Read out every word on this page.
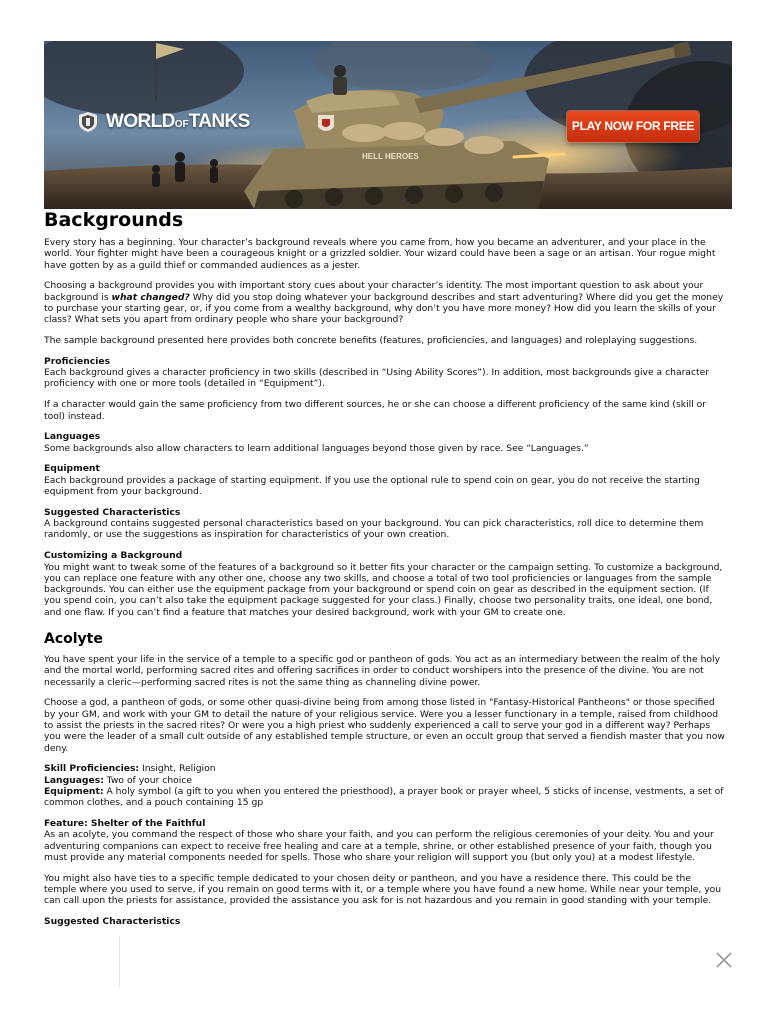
HELL HEROES
WORLDOFTANKS	PLAY NOW FOR FREE
Backgrounds

Every story has a beginning. Your character’s background reveals where you came from, how you became an adventurer, and your place in the world. Your fighter might have been a courageous knight or a grizzled soldier. Your wizard could have been a sage or an artisan. Your rogue might have gotten by as a guild thief or commanded audiences as a jester.

Choosing a background provides you with important story cues about your character’s identity. The most important question to ask about your background is what changed? Why did you stop doing whatever your background describes and start adventuring? Where did you get the money to purchase your starting gear, or, if you come from a wealthy background, why don’t you have more money? How did you learn the skills of your class? What sets you apart from ordinary people who share your background?

The sample background presented here provides both concrete benefits (features, proficiencies, and languages) and roleplaying suggestions.

Proficiencies
Each background gives a character proficiency in two skills (described in “Using Ability Scores”). In addition, most backgrounds give a character proficiency with one or more tools (detailed in “Equipment”).

If a character would gain the same proficiency from two different sources, he or she can choose a different proficiency of the same kind (skill or tool) instead.

Languages
Some backgrounds also allow characters to learn additional languages beyond those given by race. See “Languages.”

Equipment
Each background provides a package of starting equipment. If you use the optional rule to spend coin on gear, you do not receive the starting equipment from your background.

Suggested Characteristics
A background contains suggested personal characteristics based on your background. You can pick characteristics, roll dice to determine them randomly, or use the suggestions as inspiration for characteristics of your own creation.

Customizing a Background
You might want to tweak some of the features of a background so it better fits your character or the campaign setting. To customize a background, you can replace one feature with any other one, choose any two skills, and choose a total of two tool proficiencies or languages from the sample backgrounds. You can either use the equipment package from your background or spend coin on gear as described in the equipment section. (If you spend coin, you can’t also take the equipment package suggested for your class.) Finally, choose two personality traits, one ideal, one bond, and one flaw. If you can’t find a feature that matches your desired background, work with your GM to create one.

Acolyte

You have spent your life in the service of a temple to a specific god or pantheon of gods. You act as an intermediary between the realm of the holy and the mortal world, performing sacred rites and offering sacrifices in order to conduct worshipers into the presence of the divine. You are not necessarily a cleric—performing sacred rites is not the same thing as channeling divine power.

Choose a god, a pantheon of gods, or some other quasi-divine being from among those listed in "Fantasy-Historical Pantheons" or those specified by your GM, and work with your GM to detail the nature of your religious service. Were you a lesser functionary in a temple, raised from childhood to assist the priests in the sacred rites? Or were you a high priest who suddenly experienced a call to serve your god in a different way? Perhaps you were the leader of a small cult outside of any established temple structure, or even an occult group that served a fiendish master that you now deny.

Skill Proficiencies: Insight, Religion

Languages: Two of your choice

Equipment: A holy symbol (a gift to you when you entered the priesthood), a prayer book or prayer wheel, 5 sticks of incense, vestments, a set of common clothes, and a pouch containing 15 gp

Feature: Shelter of the Faithful
As an acolyte, you command the respect of those who share your faith, and you can perform the religious ceremonies of your deity. You and your adventuring companions can expect to receive free healing and care at a temple, shrine, or other established presence of your faith, though you must provide any material components needed for spells. Those who share your religion will support you (but only you) at a modest lifestyle.

You might also have ties to a specific temple dedicated to your chosen deity or pantheon, and you have a residence there. This could be the temple where you used to serve, if you remain on good terms with it, or a temple where you have found a new home. While near your temple, you can call upon the priests for assistance, provided the assistance you ask for is not hazardous and you remain in good standing with your temple.

Suggested Characteristics
